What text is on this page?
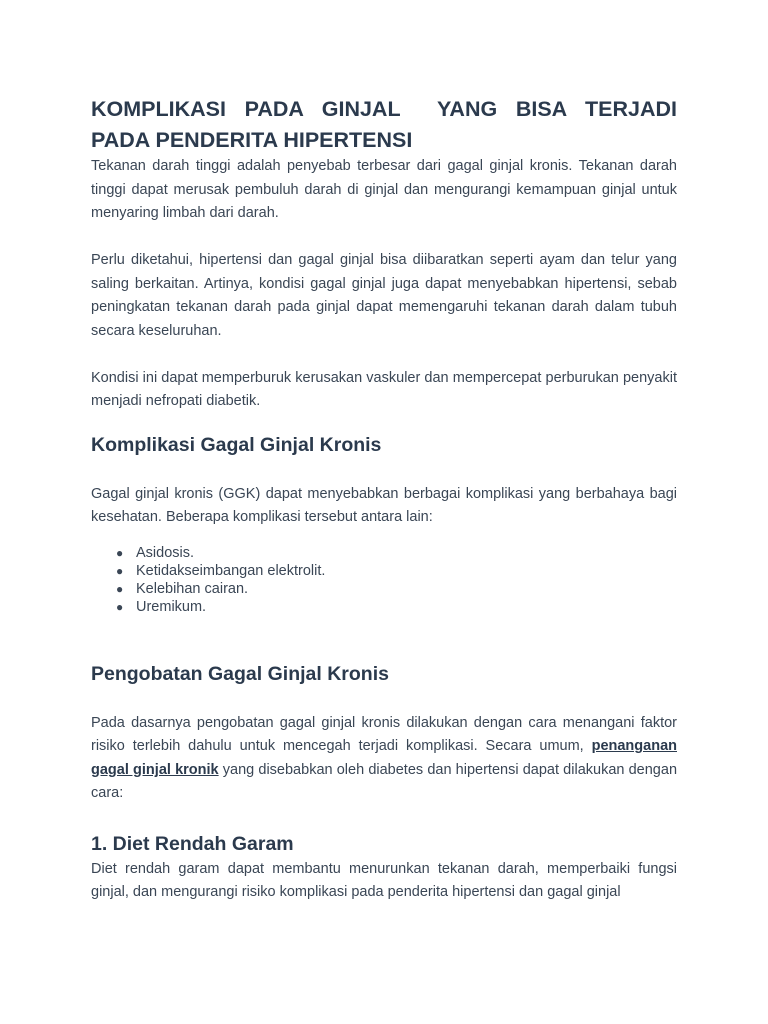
KOMPLIKASI PADA GINJAL  YANG BISA TERJADI
PADA PENDERITA HIPERTENSI

Tekanan darah tinggi adalah penyebab terbesar dari gagal ginjal kronis. Tekanan darah tinggi dapat merusak pembuluh darah di ginjal dan mengurangi kemampuan ginjal untuk menyaring limbah dari darah.

Perlu diketahui, hipertensi dan gagal ginjal bisa diibaratkan seperti ayam dan telur yang saling berkaitan. Artinya, kondisi gagal ginjal juga dapat menyebabkan hipertensi, sebab peningkatan tekanan darah pada ginjal dapat memengaruhi tekanan darah dalam tubuh secara keseluruhan.

Kondisi ini dapat memperburuk kerusakan vaskuler dan mempercepat perburukan penyakit menjadi nefropati diabetik.

Komplikasi Gagal Ginjal Kronis

Gagal ginjal kronis (GGK) dapat menyebabkan berbagai komplikasi yang berbahaya bagi kesehatan. Beberapa komplikasi tersebut antara lain:

● Asidosis.
● Ketidakseimbangan elektrolit.
● Kelebihan cairan.
● Uremikum.
Pengobatan Gagal Ginjal Kronis

Pada dasarnya pengobatan gagal ginjal kronis dilakukan dengan cara menangani faktor risiko terlebih dahulu untuk mencegah terjadi komplikasi. Secara umum, penanganan gagal ginjal kronik yang disebabkan oleh diabetes dan hipertensi dapat dilakukan dengan cara:

1. Diet Rendah Garam

Diet rendah garam dapat membantu menurunkan tekanan darah, memperbaiki fungsi ginjal, dan mengurangi risiko komplikasi pada penderita hipertensi dan gagal ginjal
